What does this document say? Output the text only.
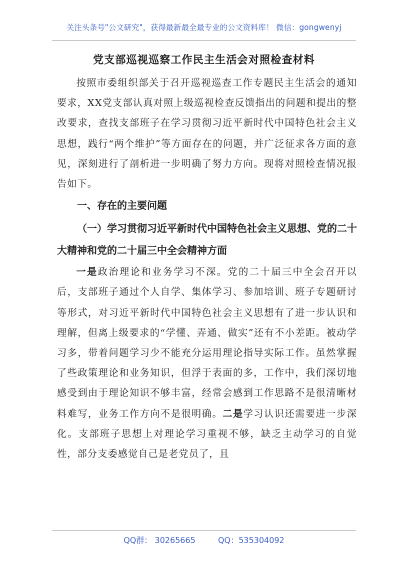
关注头条号"公文研究"，获得最新最全最专业的公文资料库！ 微信：gongwenyj
党支部巡视巡察工作民主生活会对照检查材料

按照市委组织部关于召开巡视巡查工作专题民主生活会的通知要求，XX党支部认真对照上级巡视检查反馈指出的问题和提出的整改要求，查找支部班子在学习贯彻习近平新时代中国特色社会主义思想，践行“两个维护”等方面存在的问题，并广泛征求各方面的意见，深刻进行了剖析进一步明确了努力方向。现将对照检查情况报告如下。

一、存在的主要问题
（一）学习贯彻习近平新时代中国特色社会主义思想、党的二十大精神和党的二十届三中全会精神方面

一是政治理论和业务学习不深。党的二十届三中全会召开以后，支部班子通过个人自学、集体学习、参加培训、班子专题研讨等形式，对习近平新时代中国特色社会主义思想有了进一步认识和理解，但离上级要求的“学懂、弄通、做实”还有不小差距。被动学习多，带着问题学习少不能充分运用理论指导实际工作。虽然掌握了些政策理论和业务知识，但浮于表面的多，工作中，我们深切地感受到由于理论知识不够丰富，经常会感到工作思路不是很清晰材料难写，业务工作方向不是很明确。二是学习认识还需要进一步深化。支部班子思想上对理论学习重视不够，缺乏主动学习的自觉性，部分支委感觉自己是老党员了，且

QQ群： 30265665	QQ：535304092
